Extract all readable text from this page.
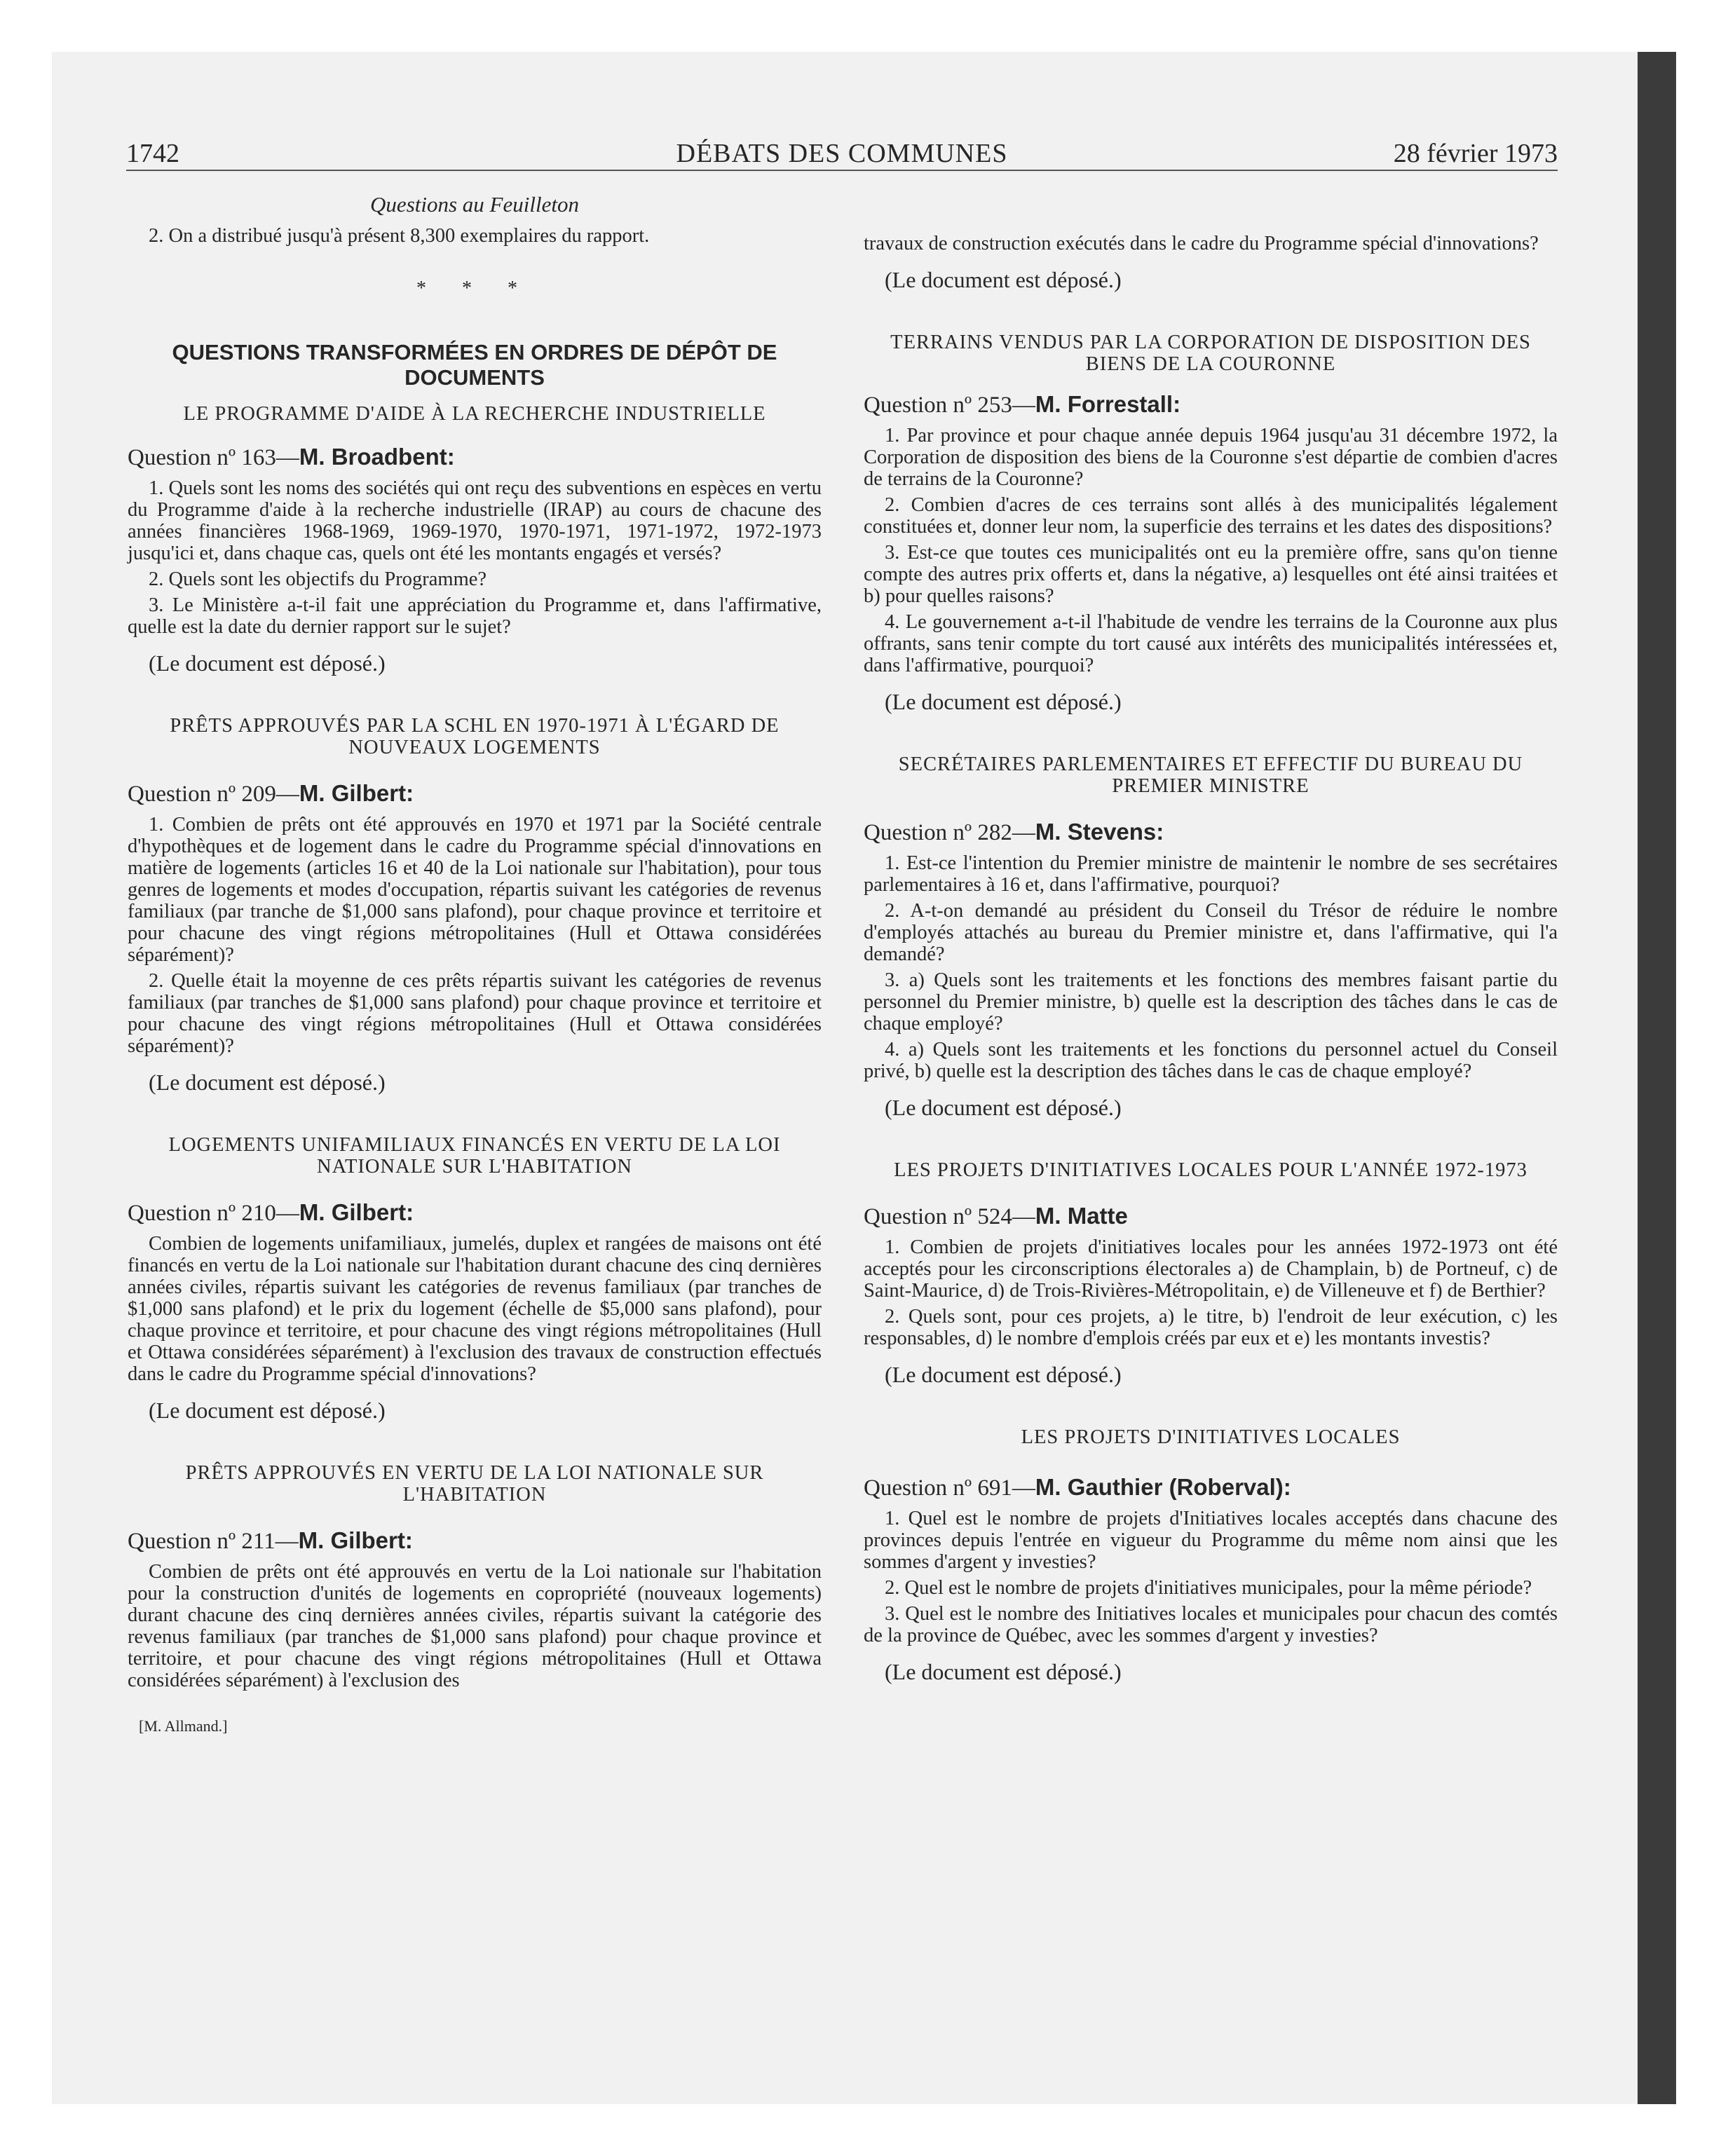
1742	DÉBATS DES COMMUNES	28 février 1973
Questions au Feuilleton

2. On a distribué jusqu'à présent 8,300 exemplaires du rapport.

* * *
QUESTIONS TRANSFORMÉES EN ORDRES DE DÉPÔT DE DOCUMENTS
LE PROGRAMME D'AIDE À LA RECHERCHE INDUSTRIELLE
Question nº 163—M. Broadbent:

1. Quels sont les noms des sociétés qui ont reçu des subventions en espèces en vertu du Programme d'aide à la recherche industrielle (IRAP) au cours de chacune des années financières 1968-1969, 1969-1970, 1970-1971, 1971-1972, 1972-1973 jusqu'ici et, dans chaque cas, quels ont été les montants engagés et versés?

2. Quels sont les objectifs du Programme?

3. Le Ministère a-t-il fait une appréciation du Programme et, dans l'affirmative, quelle est la date du dernier rapport sur le sujet?

(Le document est déposé.)
PRÊTS APPROUVÉS PAR LA SCHL EN 1970-1971 À L'ÉGARD DE NOUVEAUX LOGEMENTS
Question nº 209—M. Gilbert:

1. Combien de prêts ont été approuvés en 1970 et 1971 par la Société centrale d'hypothèques et de logement dans le cadre du Programme spécial d'innovations en matière de logements (articles 16 et 40 de la Loi nationale sur l'habitation), pour tous genres de logements et modes d'occupation, répartis suivant les catégories de revenus familiaux (par tranche de $1,000 sans plafond), pour chaque province et territoire et pour chacune des vingt régions métropolitaines (Hull et Ottawa considérées séparément)?

2. Quelle était la moyenne de ces prêts répartis suivant les catégories de revenus familiaux (par tranches de $1,000 sans plafond) pour chaque province et territoire et pour chacune des vingt régions métropolitaines (Hull et Ottawa considérées séparément)?

(Le document est déposé.)
LOGEMENTS UNIFAMILIAUX FINANCÉS EN VERTU DE LA LOI NATIONALE SUR L'HABITATION
Question nº 210—M. Gilbert:

Combien de logements unifamiliaux, jumelés, duplex et rangées de maisons ont été financés en vertu de la Loi nationale sur l'habitation durant chacune des cinq dernières années civiles, répartis suivant les catégories de revenus familiaux (par tranches de $1,000 sans plafond) et le prix du logement (échelle de $5,000 sans plafond), pour chaque province et territoire, et pour chacune des vingt régions métropolitaines (Hull et Ottawa considérées séparément) à l'exclusion des travaux de construction effectués dans le cadre du Programme spécial d'innovations?

(Le document est déposé.)
PRÊTS APPROUVÉS EN VERTU DE LA LOI NATIONALE SUR L'HABITATION
Question nº 211—M. Gilbert:

Combien de prêts ont été approuvés en vertu de la Loi nationale sur l'habitation pour la construction d'unités de logements en copropriété (nouveaux logements) durant chacune des cinq dernières années civiles, répartis suivant la catégorie des revenus familiaux (par tranches de $1,000 sans plafond) pour chaque province et territoire, et pour chacune des vingt régions métropolitaines (Hull et Ottawa considérées séparément) à l'exclusion des

[M. Allmand.]

travaux de construction exécutés dans le cadre du Programme spécial d'innovations?

(Le document est déposé.)
TERRAINS VENDUS PAR LA CORPORATION DE DISPOSITION DES BIENS DE LA COURONNE
Question nº 253—M. Forrestall:

1. Par province et pour chaque année depuis 1964 jusqu'au 31 décembre 1972, la Corporation de disposition des biens de la Couronne s'est départie de combien d'acres de terrains de la Couronne?

2. Combien d'acres de ces terrains sont allés à des municipalités légalement constituées et, donner leur nom, la superficie des terrains et les dates des dispositions?

3. Est-ce que toutes ces municipalités ont eu la première offre, sans qu'on tienne compte des autres prix offerts et, dans la négative, a) lesquelles ont été ainsi traitées et b) pour quelles raisons?

4. Le gouvernement a-t-il l'habitude de vendre les terrains de la Couronne aux plus offrants, sans tenir compte du tort causé aux intérêts des municipalités intéressées et, dans l'affirmative, pourquoi?

(Le document est déposé.)
SECRÉTAIRES PARLEMENTAIRES ET EFFECTIF DU BUREAU DU PREMIER MINISTRE
Question nº 282—M. Stevens:

1. Est-ce l'intention du Premier ministre de maintenir le nombre de ses secrétaires parlementaires à 16 et, dans l'affirmative, pourquoi?

2. A-t-on demandé au président du Conseil du Trésor de réduire le nombre d'employés attachés au bureau du Premier ministre et, dans l'affirmative, qui l'a demandé?

3. a) Quels sont les traitements et les fonctions des membres faisant partie du personnel du Premier ministre, b) quelle est la description des tâches dans le cas de chaque employé?

4. a) Quels sont les traitements et les fonctions du personnel actuel du Conseil privé, b) quelle est la description des tâches dans le cas de chaque employé?

(Le document est déposé.)
LES PROJETS D'INITIATIVES LOCALES POUR L'ANNÉE 1972-1973
Question nº 524—M. Matte

1. Combien de projets d'initiatives locales pour les années 1972-1973 ont été acceptés pour les circonscriptions électorales a) de Champlain, b) de Portneuf, c) de Saint-Maurice, d) de Trois-Rivières-Métropolitain, e) de Villeneuve et f) de Berthier?

2. Quels sont, pour ces projets, a) le titre, b) l'endroit de leur exécution, c) les responsables, d) le nombre d'emplois créés par eux et e) les montants investis?

(Le document est déposé.)
LES PROJETS D'INITIATIVES LOCALES
Question nº 691—M. Gauthier (Roberval):

1. Quel est le nombre de projets d'Initiatives locales acceptés dans chacune des provinces depuis l'entrée en vigueur du Programme du même nom ainsi que les sommes d'argent y investies?

2. Quel est le nombre de projets d'initiatives municipales, pour la même période?

3. Quel est le nombre des Initiatives locales et municipales pour chacun des comtés de la province de Québec, avec les sommes d'argent y investies?

(Le document est déposé.)
